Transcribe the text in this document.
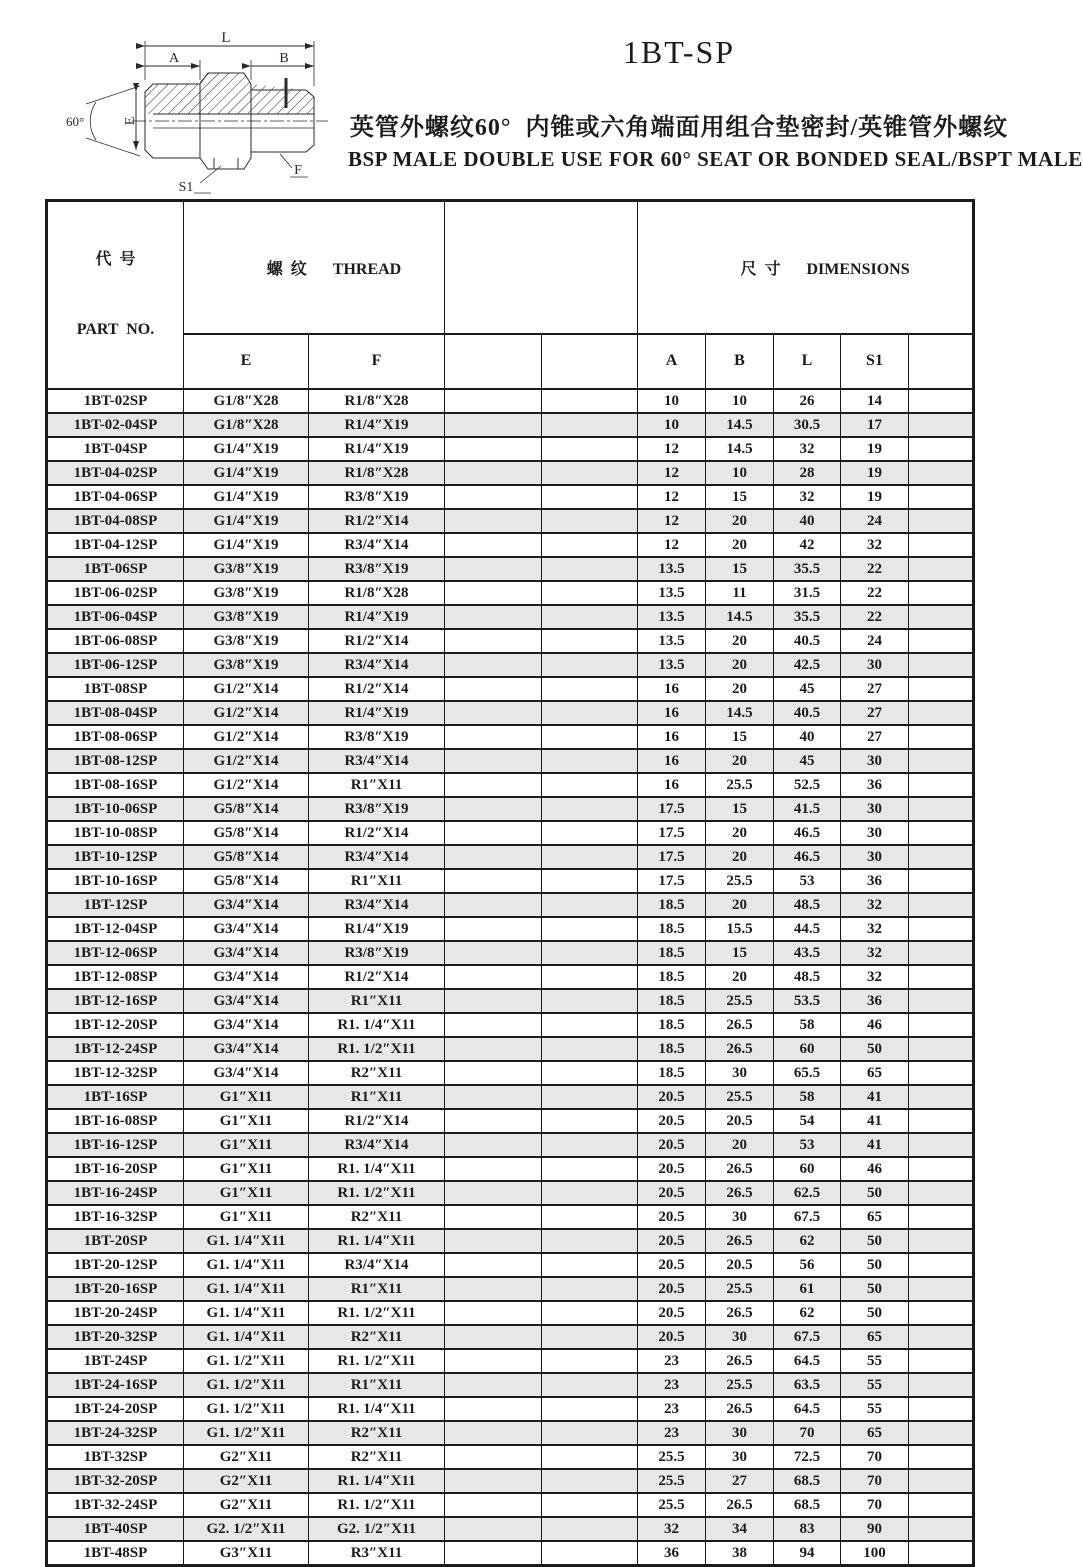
L
A	B
E
60°
S1
F
1BT-SP
英管外螺纹60°  内锥或六角端面用组合垫密封/英锥管外螺纹
BSP MALE DOUBLE USE FOR 60° SEAT OR BONDED SEAL/BSPT MALE

代  号

PART  NO.	螺  纹 THREAD				尺  寸 DIMENSIONS				

	E	F			A	B	L	S1	
1BT-02SP	G1/8″X28	R1/8″X28			10	10	26	14	
1BT-02-04SP	G1/8″X28	R1/4″X19			10	14.5	30.5	17	
1BT-04SP	G1/4″X19	R1/4″X19			12	14.5	32	19	
1BT-04-02SP	G1/4″X19	R1/8″X28			12	10	28	19	
1BT-04-06SP	G1/4″X19	R3/8″X19			12	15	32	19	
1BT-04-08SP	G1/4″X19	R1/2″X14			12	20	40	24	
1BT-04-12SP	G1/4″X19	R3/4″X14			12	20	42	32	
1BT-06SP	G3/8″X19	R3/8″X19			13.5	15	35.5	22	
1BT-06-02SP	G3/8″X19	R1/8″X28			13.5	11	31.5	22	
1BT-06-04SP	G3/8″X19	R1/4″X19			13.5	14.5	35.5	22	
1BT-06-08SP	G3/8″X19	R1/2″X14			13.5	20	40.5	24	
1BT-06-12SP	G3/8″X19	R3/4″X14			13.5	20	42.5	30	
1BT-08SP	G1/2″X14	R1/2″X14			16	20	45	27	
1BT-08-04SP	G1/2″X14	R1/4″X19			16	14.5	40.5	27	
1BT-08-06SP	G1/2″X14	R3/8″X19			16	15	40	27	
1BT-08-12SP	G1/2″X14	R3/4″X14			16	20	45	30	
1BT-08-16SP	G1/2″X14	R1″X11			16	25.5	52.5	36	
1BT-10-06SP	G5/8″X14	R3/8″X19			17.5	15	41.5	30	
1BT-10-08SP	G5/8″X14	R1/2″X14			17.5	20	46.5	30	
1BT-10-12SP	G5/8″X14	R3/4″X14			17.5	20	46.5	30	
1BT-10-16SP	G5/8″X14	R1″X11			17.5	25.5	53	36	
1BT-12SP	G3/4″X14	R3/4″X14			18.5	20	48.5	32	
1BT-12-04SP	G3/4″X14	R1/4″X19			18.5	15.5	44.5	32	
1BT-12-06SP	G3/4″X14	R3/8″X19			18.5	15	43.5	32	
1BT-12-08SP	G3/4″X14	R1/2″X14			18.5	20	48.5	32	
1BT-12-16SP	G3/4″X14	R1″X11			18.5	25.5	53.5	36	
1BT-12-20SP	G3/4″X14	R1. 1/4″X11			18.5	26.5	58	46	
1BT-12-24SP	G3/4″X14	R1. 1/2″X11			18.5	26.5	60	50	
1BT-12-32SP	G3/4″X14	R2″X11			18.5	30	65.5	65	
1BT-16SP	G1″X11	R1″X11			20.5	25.5	58	41	
1BT-16-08SP	G1″X11	R1/2″X14			20.5	20.5	54	41	
1BT-16-12SP	G1″X11	R3/4″X14			20.5	20	53	41	
1BT-16-20SP	G1″X11	R1. 1/4″X11			20.5	26.5	60	46	
1BT-16-24SP	G1″X11	R1. 1/2″X11			20.5	26.5	62.5	50	
1BT-16-32SP	G1″X11	R2″X11			20.5	30	67.5	65	
1BT-20SP	G1. 1/4″X11	R1. 1/4″X11			20.5	26.5	62	50	
1BT-20-12SP	G1. 1/4″X11	R3/4″X14			20.5	20.5	56	50	
1BT-20-16SP	G1. 1/4″X11	R1″X11			20.5	25.5	61	50	
1BT-20-24SP	G1. 1/4″X11	R1. 1/2″X11			20.5	26.5	62	50	
1BT-20-32SP	G1. 1/4″X11	R2″X11			20.5	30	67.5	65	
1BT-24SP	G1. 1/2″X11	R1. 1/2″X11			23	26.5	64.5	55	
1BT-24-16SP	G1. 1/2″X11	R1″X11			23	25.5	63.5	55	
1BT-24-20SP	G1. 1/2″X11	R1. 1/4″X11			23	26.5	64.5	55	
1BT-24-32SP	G1. 1/2″X11	R2″X11			23	30	70	65	
1BT-32SP	G2″X11	R2″X11			25.5	30	72.5	70	
1BT-32-20SP	G2″X11	R1. 1/4″X11			25.5	27	68.5	70	
1BT-32-24SP	G2″X11	R1. 1/2″X11			25.5	26.5	68.5	70	
1BT-40SP	G2. 1/2″X11	G2. 1/2″X11			32	34	83	90	
1BT-48SP	G3″X11	R3″X11			36	38	94	100	
